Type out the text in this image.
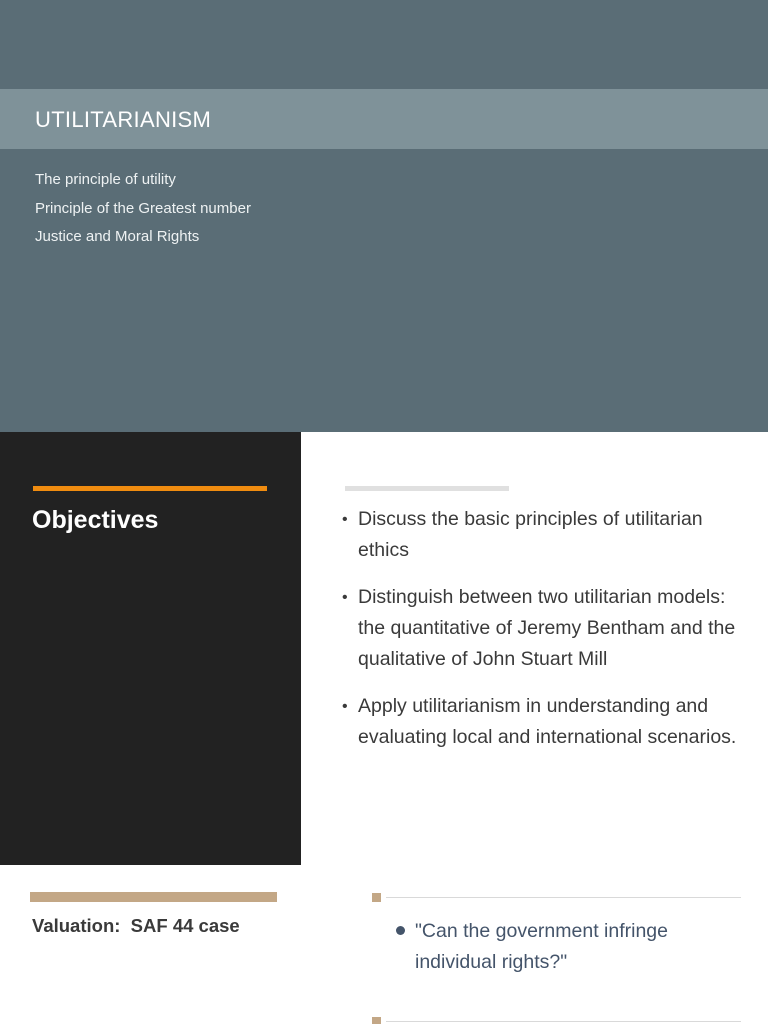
UTILITARIANISM
The principle of utility
Principle of the Greatest number
Justice and Moral Rights
Objectives	• Discuss the basic principles of utilitarian ethics
• Distinguish between two utilitarian models: the quantitative of Jeremy Bentham and the qualitative of John Stuart Mill
• Apply utilitarianism in understanding and evaluating local and international scenarios.
Valuation:  SAF 44 case	"Can the government infringe individual rights?"
